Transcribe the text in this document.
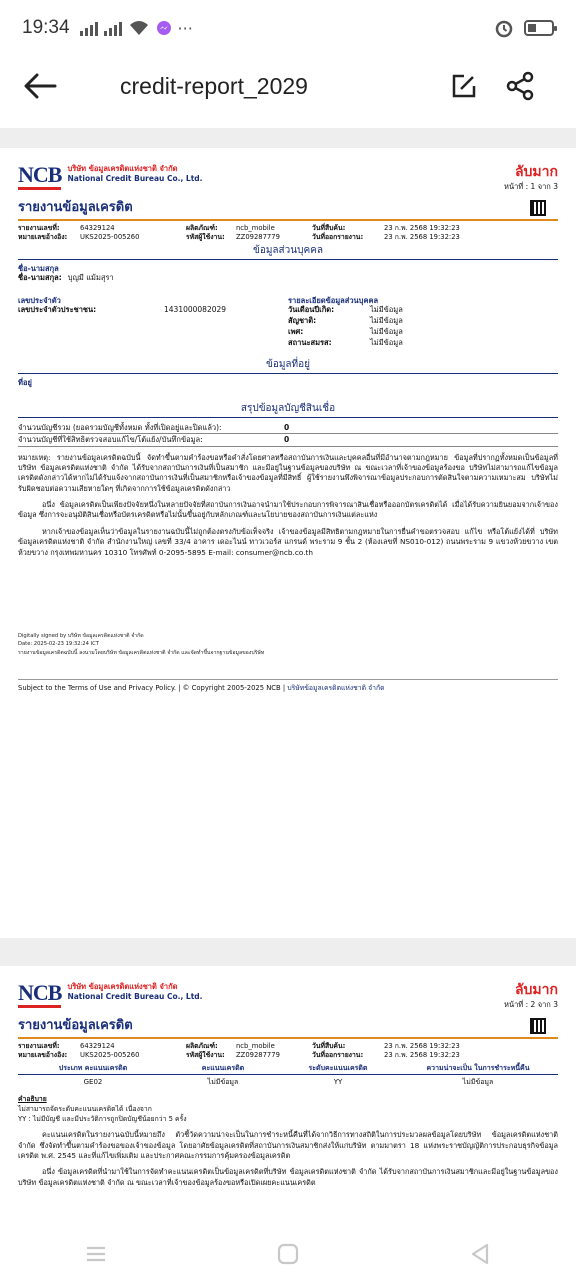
19:34	···
credit-report_2029
NCB บริษัท ข้อมูลเครดิตแห่งชาติ จำกัด
National Credit Bureau Co., Ltd.	ลับมาก
หน้าที่ : 1 จาก 3
รายงานข้อมูลเครดิต
รายงานเลขที่:	64329124	ผลิตภัณฑ์:	ncb_mobile	วันที่สืบค้น:	23 ก.พ. 2568 19:32:23
หมายเลขอ้างอิง:	UKS2025-005260	รหัสผู้ใช้งาน:	ZZ09287779	วันที่ออกรายงาน:	23 ก.พ. 2568 19:32:23
ข้อมูลส่วนบุคคล
ชื่อ-นามสกุล
ชื่อ-นามสกุล: บุญมี แม้มสุรา
เลขประจำตัว
เลขประจำตัวประชาชน:	1431000082029
รายละเอียดข้อมูลส่วนบุคคล
วันเดือนปีเกิด:	ไม่มีข้อมูล
สัญชาติ:	ไม่มีข้อมูล
เพศ:	ไม่มีข้อมูล
สถานะสมรส:	ไม่มีข้อมูล
ข้อมูลที่อยู่
ที่อยู่
สรุปข้อมูลบัญชีสินเชื่อ
จำนวนบัญชีรวม (ยอดรวมบัญชีทั้งหมด ทั้งที่เปิดอยู่และปิดแล้ว):	0
จำนวนบัญชีที่ใช้สิทธิตรวจสอบแก้ไข/โต้แย้ง/บันทึกข้อมูล:	0

หมายเหตุ: รายงานข้อมูลเครดิตฉบับนี้ จัดทำขึ้นตามคำร้องขอหรือคำสั่งโดยศาลหรือสถาบันการเงินและบุคคลอื่นที่มีอำนาจตามกฎหมาย ข้อมูลที่ปรากฏทั้งหมดเป็นข้อมูลที่บริษัท ข้อมูลเครดิตแห่งชาติ จำกัด ได้รับจากสถาบันการเงินที่เป็นสมาชิก และมีอยู่ในฐานข้อมูลของบริษัท ณ ขณะเวลาที่เจ้าของข้อมูลร้องขอ บริษัทไม่สามารถแก้ไขข้อมูลเครดิตดังกล่าวได้หากไม่ได้รับแจ้งจากสถาบันการเงินที่เป็นสมาชิกหรือเจ้าของข้อมูลที่มีสิทธิ์ ผู้ใช้รายงานพึงพิจารณาข้อมูลประกอบการตัดสินใจตามความเหมาะสม บริษัทไม่รับผิดชอบต่อความเสียหายใดๆ ที่เกิดจากการใช้ข้อมูลเครดิตดังกล่าว

อนึ่ง ข้อมูลเครดิตเป็นเพียงปัจจัยหนึ่งในหลายปัจจัยที่สถาบันการเงินอาจนำมาใช้ประกอบการพิจารณาสินเชื่อหรือออกบัตรเครดิตได้ เมื่อได้รับความยินยอมจากเจ้าของข้อมูล ซึ่งการจะอนุมัติสินเชื่อหรือบัตรเครดิตหรือไม่นั้นขึ้นอยู่กับหลักเกณฑ์และนโยบายของสถาบันการเงินแต่ละแห่ง

หากเจ้าของข้อมูลเห็นว่าข้อมูลในรายงานฉบับนี้ไม่ถูกต้องตรงกับข้อเท็จจริง เจ้าของข้อมูลมีสิทธิตามกฎหมายในการยื่นคำขอตรวจสอบ แก้ไข หรือโต้แย้งได้ที่ บริษัท ข้อมูลเครดิตแห่งชาติ จำกัด สำนักงานใหญ่ เลขที่ 33/4 อาคาร เดอะไนน์ ทาวเวอร์ส แกรนด์ พระราม 9 ชั้น 2 (ห้องเลขที่ NS010-012) ถนนพระราม 9 แขวงห้วยขวาง เขตห้วยขวาง กรุงเทพมหานคร 10310 โทรศัพท์ 0-2095-5895 E-mail: consumer@ncb.co.th

Digitally signed by บริษัท ข้อมูลเครดิตแห่งชาติ จำกัด
Date: 2025-02-23 19:32:24 ICT
รายงานข้อมูลเครดิตฉบับนี้ ลงนามโดยบริษัท ข้อมูลเครดิตแห่งชาติ จำกัด และจัดทำขึ้นจากฐานข้อมูลของบริษัท
Subject to the Terms of Use and Privacy Policy. | © Copyright 2005-2025 NCB | บริษัทข้อมูลเครดิตแห่งชาติ จำกัด
NCB บริษัท ข้อมูลเครดิตแห่งชาติ จำกัด
National Credit Bureau Co., Ltd.	ลับมาก
หน้าที่ : 2 จาก 3
รายงานข้อมูลเครดิต
รายงานเลขที่:	64329124	ผลิตภัณฑ์:	ncb_mobile	วันที่สืบค้น:	23 ก.พ. 2568 19:32:23
หมายเลขอ้างอิง:	UKS2025-005260	รหัสผู้ใช้งาน:	ZZ09287779	วันที่ออกรายงาน:	23 ก.พ. 2568 19:32:23
ประเภท คะแนนเครดิต	คะแนนเครดิต	ระดับคะแนนเครดิต	ความน่าจะเป็น ในการชำระหนี้คืน
GE02	ไม่มีข้อมูล	YY	ไม่มีข้อมูล
คำอธิบาย
ไม่สามารถจัดระดับคะแนนเครดิตได้ เนื่องจาก
YY : ไม่มีบัญชี และมีประวัติการถูกปิดบัญชีน้อยกว่า 5 ครั้ง

คะแนนเครดิตในรายงานฉบับนี้หมายถึง ตัวชี้วัดความน่าจะเป็นในการชำระหนี้คืนที่ได้จากวิธีการทางสถิติในการประมวลผลข้อมูลโดยบริษัท ข้อมูลเครดิตแห่งชาติ จำกัด ซึ่งจัดทำขึ้นตามคำร้องขอของเจ้าของข้อมูล โดยอาศัยข้อมูลเครดิตที่สถาบันการเงินสมาชิกส่งให้แก่บริษัท ตามมาตรา 18 แห่งพระราชบัญญัติการประกอบธุรกิจข้อมูลเครดิต พ.ศ. 2545 และที่แก้ไขเพิ่มเติม และประกาศคณะกรรมการคุ้มครองข้อมูลเครดิต

อนึ่ง ข้อมูลเครดิตที่นำมาใช้ในการจัดทำคะแนนเครดิตเป็นข้อมูลเครดิตที่บริษัท ข้อมูลเครดิตแห่งชาติ จำกัด ได้รับจากสถาบันการเงินสมาชิกและมีอยู่ในฐานข้อมูลของบริษัท ข้อมูลเครดิตแห่งชาติ จำกัด ณ ขณะเวลาที่เจ้าของข้อมูลร้องขอหรือเปิดเผยคะแนนเครดิต
